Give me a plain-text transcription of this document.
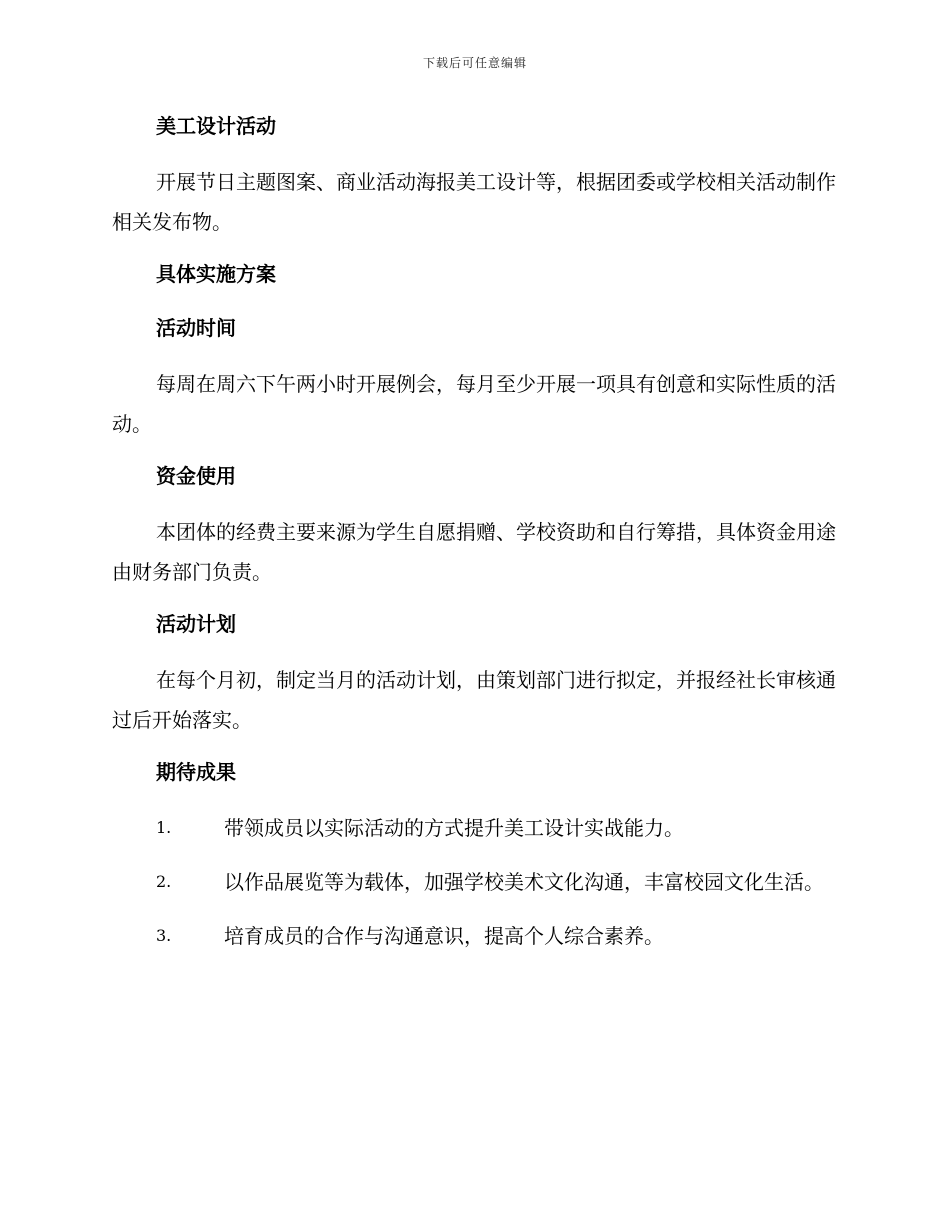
下载后可任意编辑
美工设计活动

开展节日主题图案、商业活动海报美工设计等，根据团委或学校相关活动制作相关发布物。

具体实施方案
活动时间

每周在周六下午两小时开展例会，每月至少开展一项具有创意和实际性质的活动。

资金使用

本团体的经费主要来源为学生自愿捐赠、学校资助和自行筹措，具体资金用途由财务部门负责。

活动计划

在每个月初，制定当月的活动计划，由策划部门进行拟定，并报经社长审核通过后开始落实。

期待成果
1.	带领成员以实际活动的方式提升美工设计实战能力。
2.	以作品展览等为载体，加强学校美术文化沟通，丰富校园文化生活。
3.	培育成员的合作与沟通意识，提高个人综合素养。
